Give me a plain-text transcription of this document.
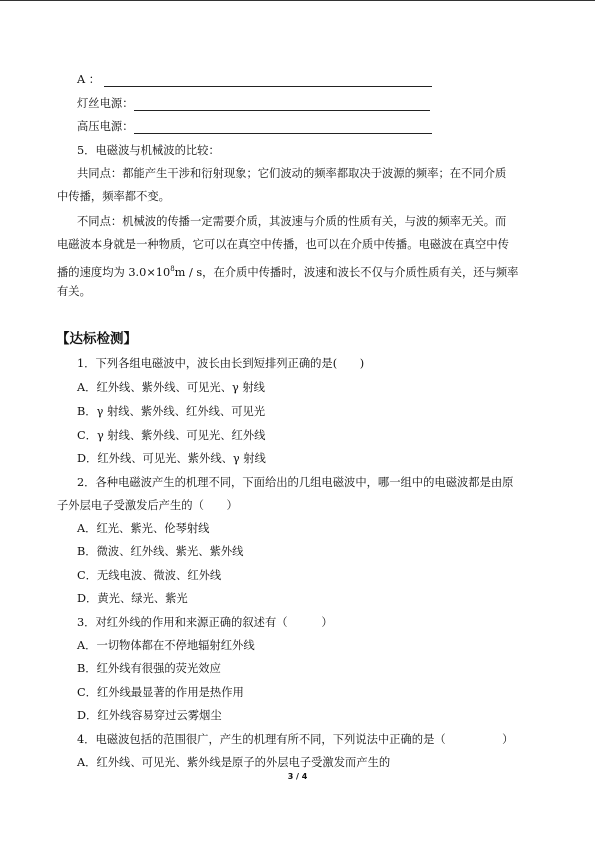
A ：
灯丝电源：
高压电源：
5．电磁波与机械波的比较：
共同点：都能产生干涉和衍射现象；它们波动的频率都取决于波源的频率；在不同介质
中传播，频率都不变。
不同点：机械波的传播一定需要介质，其波速与介质的性质有关，与波的频率无关。而
电磁波本身就是一种物质，它可以在真空中传播，也可以在介质中传播。电磁波在真空中传
播的速度均为 $3.0\times 10^8m / s$，在介质中传播时，波速和波长不仅与介质性质有关，还与频率
有关。
【达标检测】
1．下列各组电磁波中，波长由长到短排列正确的是(　　)
A．红外线、紫外线、可见光、γ 射线
B．γ 射线、紫外线、红外线、可见光
C．γ 射线、紫外线、可见光、红外线
D．红外线、可见光、紫外线、γ 射线
2．各种电磁波产生的机理不同，下面给出的几组电磁波中，哪一组中的电磁波都是由原
子外层电子受激发后产生的（　　）
A．红光、紫光、伦琴射线
B．微波、红外线、紫光、紫外线
C．无线电波、微波、红外线
D．黄光、绿光、紫光
3．对红外线的作用和来源正确的叙述有（　　　）
A．一切物体都在不停地辐射红外线
B．红外线有很强的荧光效应
C．红外线最显著的作用是热作用
D．红外线容易穿过云雾烟尘
4．电磁波包括的范围很广，产生的机理有所不同，下列说法中正确的是（　　　　　）
A．红外线、可见光、紫外线是原子的外层电子受激发而产生的
3 / 4
